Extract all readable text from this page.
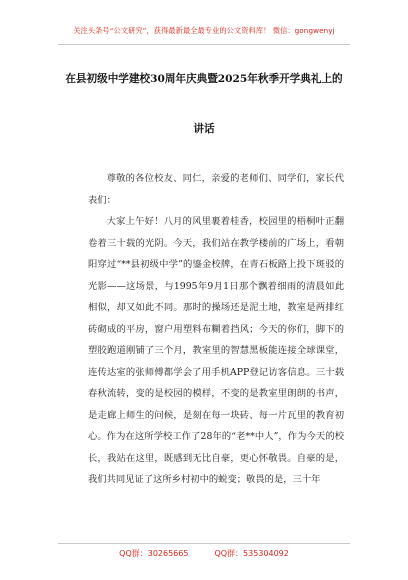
关注头条号“公文研究”，获得最新最全最专业的公文资料库！ 微信：gongwenyj
在县初级中学建校30周年庆典暨2025年秋季开学典礼上的
讲话

尊敬的各位校友、同仁，亲爱的老师们、同学们，家长代表们：

大家上午好！八月的风里裹着桂香，校园里的梧桐叶正翻卷着三十载的光阴。今天，我们站在教学楼前的广场上，看朝阳穿过“**县初级中学”的鎏金校牌，在青石板路上投下斑驳的光影——这场景，与1995年9月1日那个飘着细雨的清晨如此相似，却又如此不同。那时的操场还是泥土地，教室是两排红砖砌成的平房，窗户用塑料布糊着挡风；今天的你们，脚下的塑胶跑道刚铺了三个月，教室里的智慧黑板能连接全球课堂，连传达室的张师傅都学会了用手机APP登记访客信息。三十载春秋流转，变的是校园的模样，不变的是教室里朗朗的书声，是走廊上师生的问候，是刻在每一块砖、每一片瓦里的教育初心。作为在这所学校工作了28年的“老**中人”，作为今天的校长，我站在这里，既感到无比自豪，更心怀敬畏。自豪的是，我们共同见证了这所乡村初中的蜕变；敬畏的是，三十年

QQ群：30265665	QQ群：535304092
